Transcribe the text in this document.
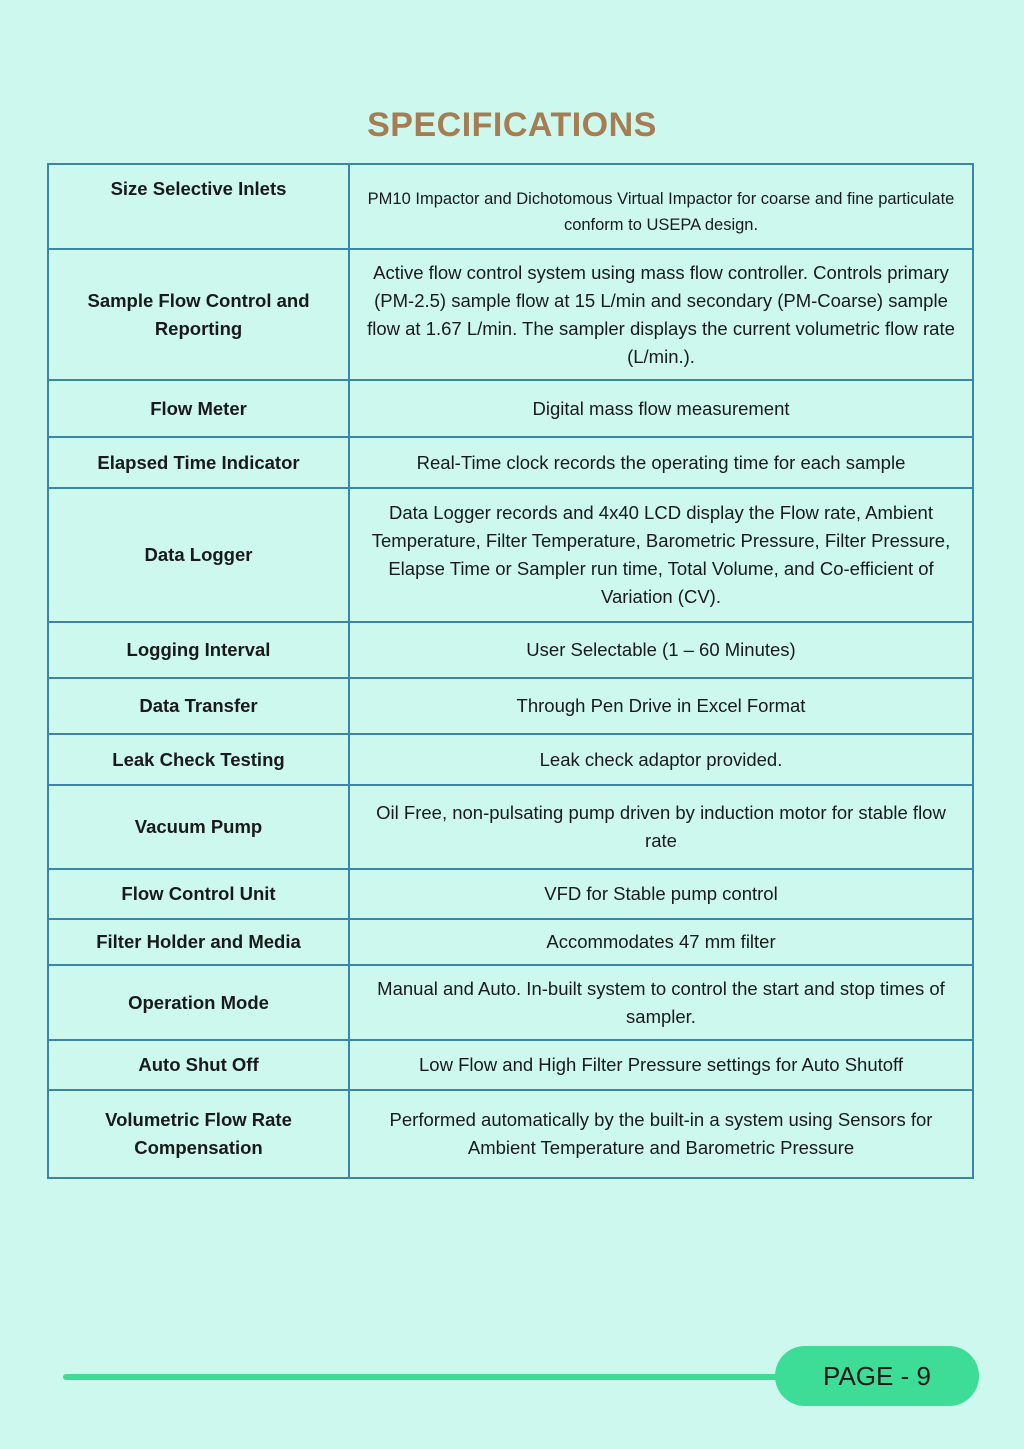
SPECIFICATIONS
Size Selective Inlets	PM10 Impactor and Dichotomous Virtual Impactor for coarse and fine particulate conform to USEPA design.
Sample Flow Control and Reporting	Active flow control system using mass flow controller. Controls primary (PM-2.5) sample flow at 15 L/min and secondary (PM-Coarse) sample flow at 1.67 L/min. The sampler displays the current volumetric flow rate (L/min.).
Flow Meter	Digital mass flow measurement
Elapsed Time Indicator	Real-Time clock records the operating time for each sample
Data Logger	Data Logger records and 4x40 LCD display the Flow rate, Ambient Temperature, Filter Temperature, Barometric Pressure, Filter Pressure, Elapse Time or Sampler run time, Total Volume, and Co-efficient of Variation (CV).
Logging Interval	User Selectable (1 – 60 Minutes)
Data Transfer	Through Pen Drive in Excel Format
Leak Check Testing	Leak check adaptor provided.
Vacuum Pump	Oil Free, non-pulsating pump driven by induction motor for stable flow rate
Flow Control Unit	VFD for Stable pump control
Filter Holder and Media	Accommodates 47 mm filter
Operation Mode	Manual and Auto. In-built system to control the start and stop times of sampler.
Auto Shut Off	Low Flow and High Filter Pressure settings for Auto Shutoff
Volumetric Flow Rate Compensation	Performed automatically by the built-in a system using Sensors for Ambient Temperature and Barometric Pressure
PAGE - 9
